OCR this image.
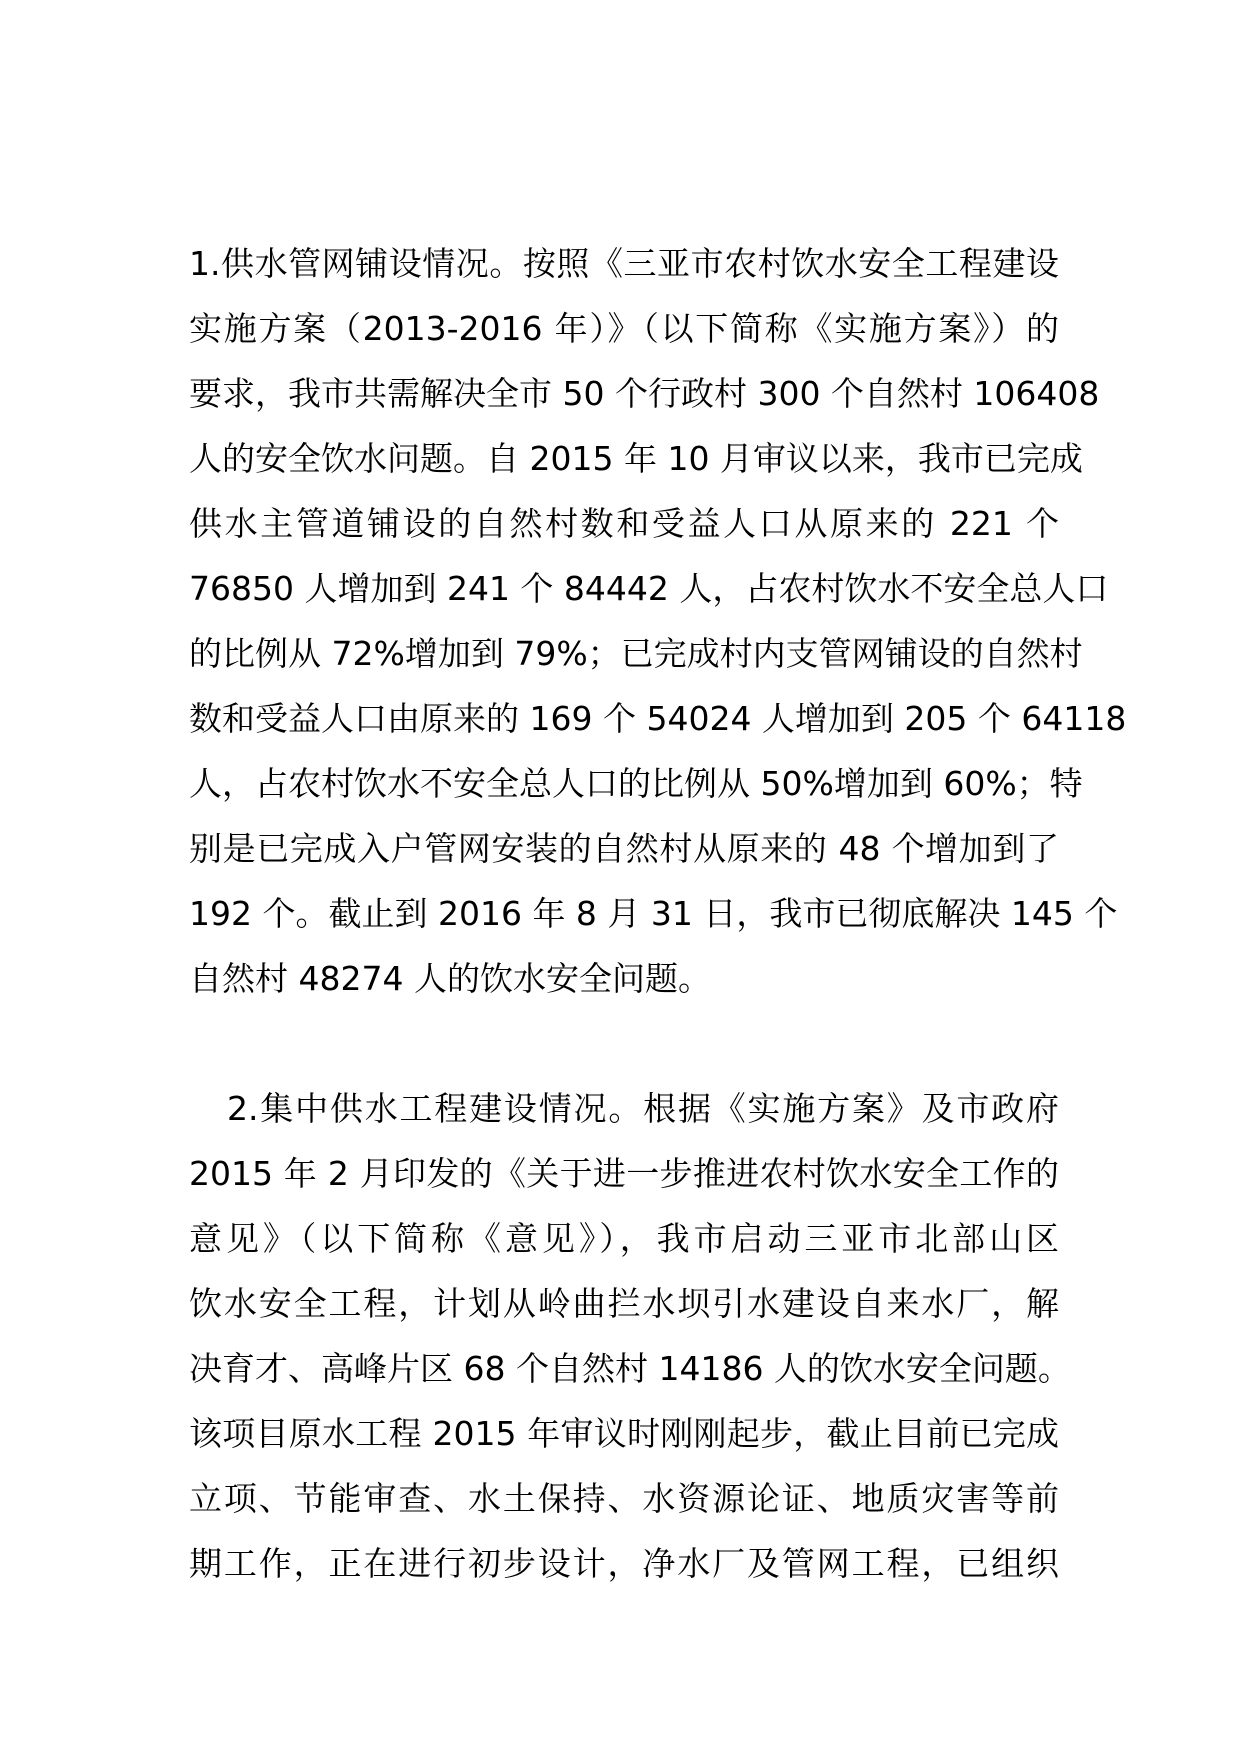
1.供水管网铺设情况。按照《三亚市农村饮水安全工程建设
实施方案（2013-2016 年）》（以下简称《实施方案》）的
要求，我市共需解决全市 50 个行政村 300 个自然村 106408
人的安全饮水问题。自 2015 年 10 月审议以来，我市已完成
供水主管道铺设的自然村数和受益人口从原来的 221 个
76850 人增加到 241 个 84442 人，占农村饮水不安全总人口
的比例从 72%增加到 79%；已完成村内支管网铺设的自然村
数和受益人口由原来的 169 个 54024 人增加到 205 个 64118
人，占农村饮水不安全总人口的比例从 50%增加到 60%；特
别是已完成入户管网安装的自然村从原来的 48 个增加到了
192 个。截止到 2016 年 8 月 31 日，我市已彻底解决 145 个
自然村 48274 人的饮水安全问题。
2.集中供水工程建设情况。根据《实施方案》及市政府
2015 年 2 月印发的《关于进一步推进农村饮水安全工作的
意见》（以下简称《意见》），我市启动三亚市北部山区
饮水安全工程，计划从岭曲拦水坝引水建设自来水厂，解
决育才、高峰片区 68 个自然村 14186 人的饮水安全问题。
该项目原水工程 2015 年审议时刚刚起步，截止目前已完成
立项、节能审查、水土保持、水资源论证、地质灾害等前
期工作，正在进行初步设计，净水厂及管网工程，已组织
